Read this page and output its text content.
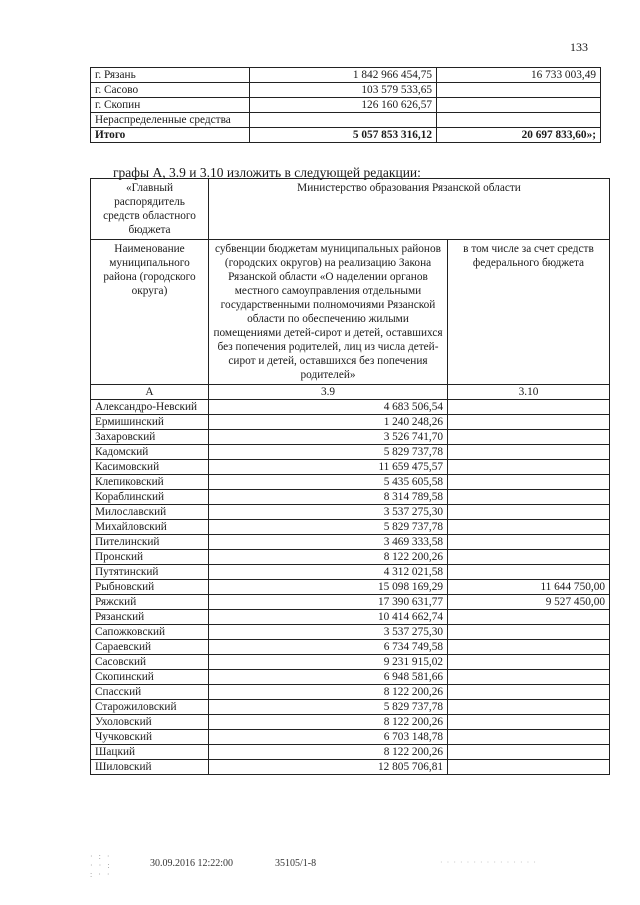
133
г. Рязань	1 842 966 454,75	16 733 003,49
г. Сасово	103 579 533,65	
г. Скопин	126 160 626,57	
Нераспределенные средства		
Итого	5 057 853 316,12	20 697 833,60»;
графы А, 3.9 и 3.10 изложить в следующей редакции:
«Главный распорядитель средств областного бюджета	Министерство образования Рязанской области	
Наименование муниципального района (городского округа)	субвенции бюджетам муниципальных районов (городских округов) на реализацию Закона Рязанской области «О наделении органов местного самоуправления отдельными государственными полномочиями Рязанской области по обеспечению жилыми помещениями детей-сирот и детей, оставшихся без попечения родителей, лиц из числа детей-сирот и детей, оставшихся без попечения родителей»	в том числе за счет средств федерального бюджета
А	3.9	3.10
Александро-Невский	4 683 506,54	
Ермишинский	1 240 248,26	
Захаровский	3 526 741,70	
Кадомский	5 829 737,78	
Касимовский	11 659 475,57	
Клепиковский	5 435 605,58	
Кораблинский	8 314 789,58	
Милославский	3 537 275,30	
Михайловский	5 829 737,78	
Пителинский	3 469 333,58	
Пронский	8 122 200,26	
Путятинский	4 312 021,58	
Рыбновский	15 098 169,29	11 644 750,00
Ряжский	17 390 631,77	9 527 450,00
Рязанский	10 414 662,74	
Сапожковский	3 537 275,30	
Сараевский	6 734 749,58	
Сасовский	9 231 915,02	
Скопинский	6 948 581,66	
Спасский	8 122 200,26	
Старожиловский	5 829 737,78	
Ухоловский	8 122 200,26	
Чучковский	6 703 148,78	
Шацкий	8 122 200,26	
Шиловский	12 805 706,81	
· : ·
· · :
: · ·
30.09.2016 12:22:00	35105/1-8	· · · · · · · · · · · · · · ·
